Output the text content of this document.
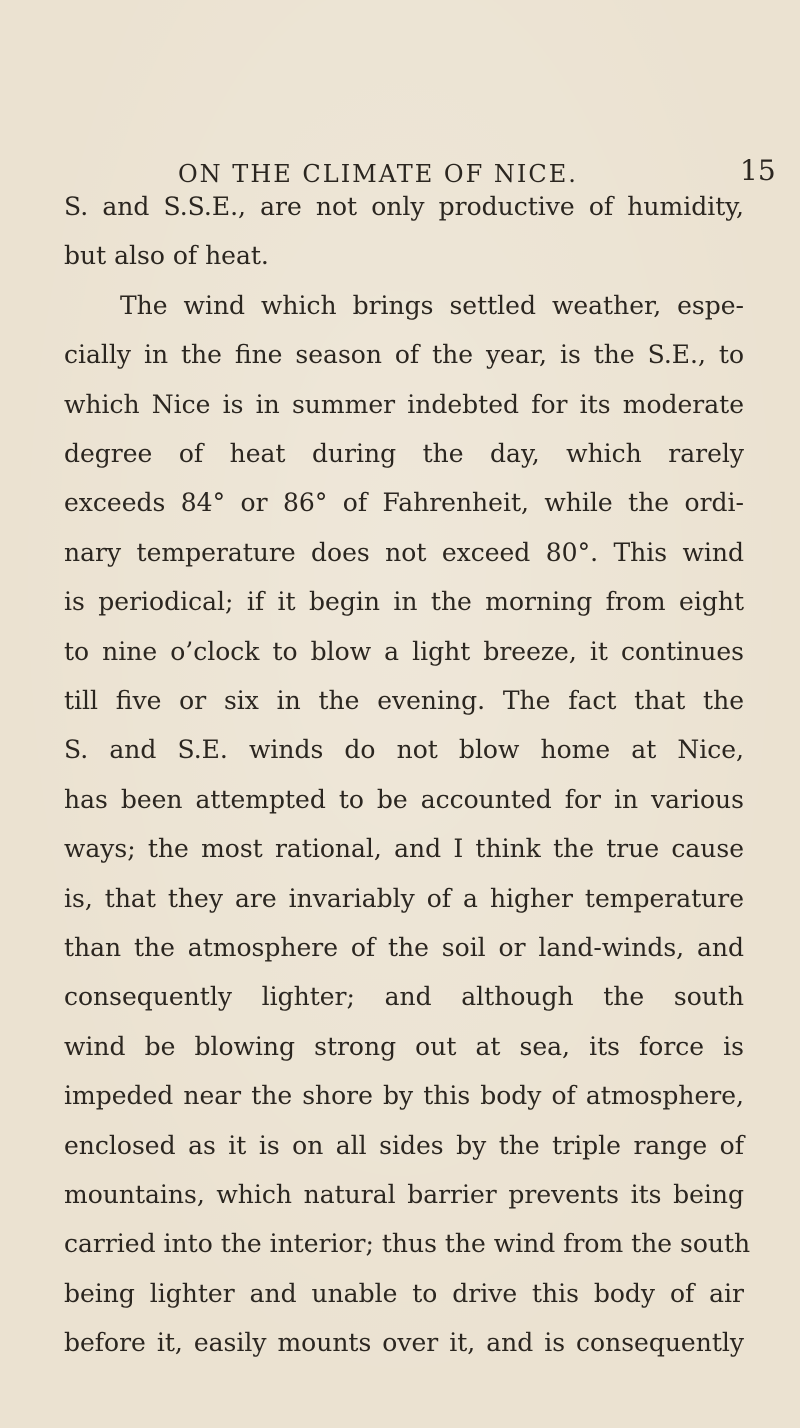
ON THE CLIMATE OF NICE.	15
S. and S.S.E., are not only productive of humidity,
but also of heat.
The wind which brings settled weather, espe-
cially in the fine season of the year, is the S.E., to
which Nice is in summer indebted for its moderate
degree of heat during the day, which rarely
exceeds 84° or 86° of Fahrenheit, while the ordi-
nary temperature does not exceed 80°. This wind
is periodical; if it begin in the morning from eight
to nine o’clock to blow a light breeze, it continues
till five or six in the evening. The fact that the
S. and S.E. winds do not blow home at Nice,
has been attempted to be accounted for in various
ways; the most rational, and I think the true cause
is, that they are invariably of a higher temperature
than the atmosphere of the soil or land-winds, and
consequently lighter; and although the south
wind be blowing strong out at sea, its force is
impeded near the shore by this body of atmosphere,
enclosed as it is on all sides by the triple range of
mountains, which natural barrier prevents its being
carried into the interior; thus the wind from the south
being lighter and unable to drive this body of air
before it, easily mounts over it, and is consequently
